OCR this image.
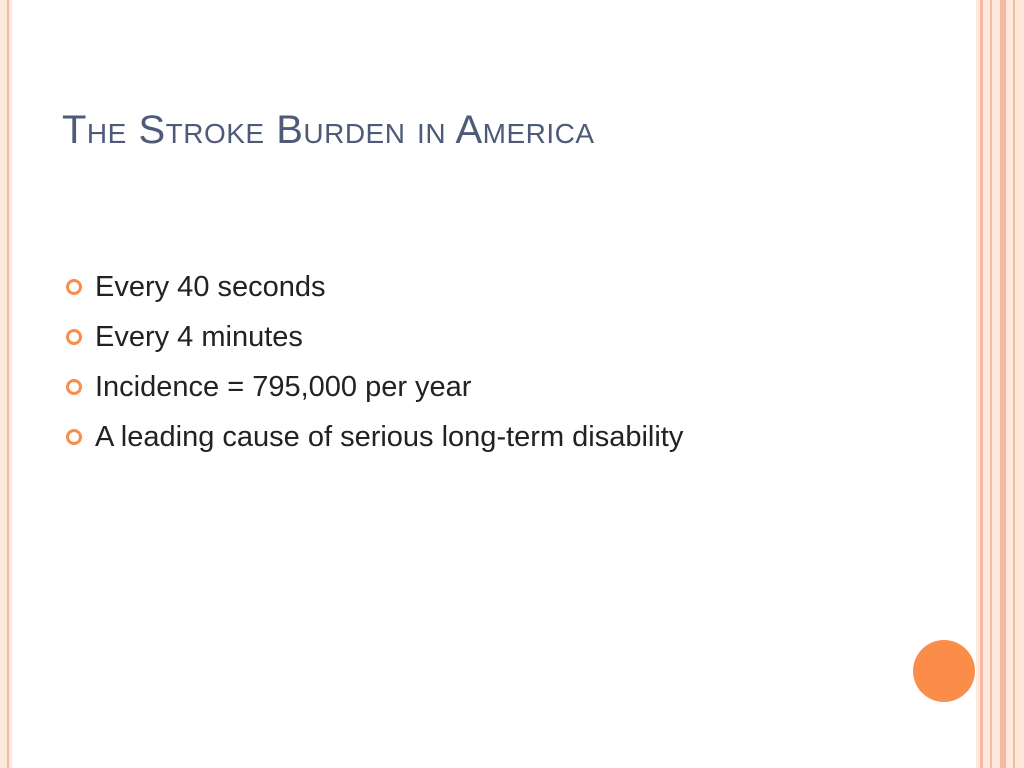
The Stroke Burden in America
Every 40 seconds
Every 4 minutes
Incidence = 795,000 per year
A leading cause of serious long-term disability
